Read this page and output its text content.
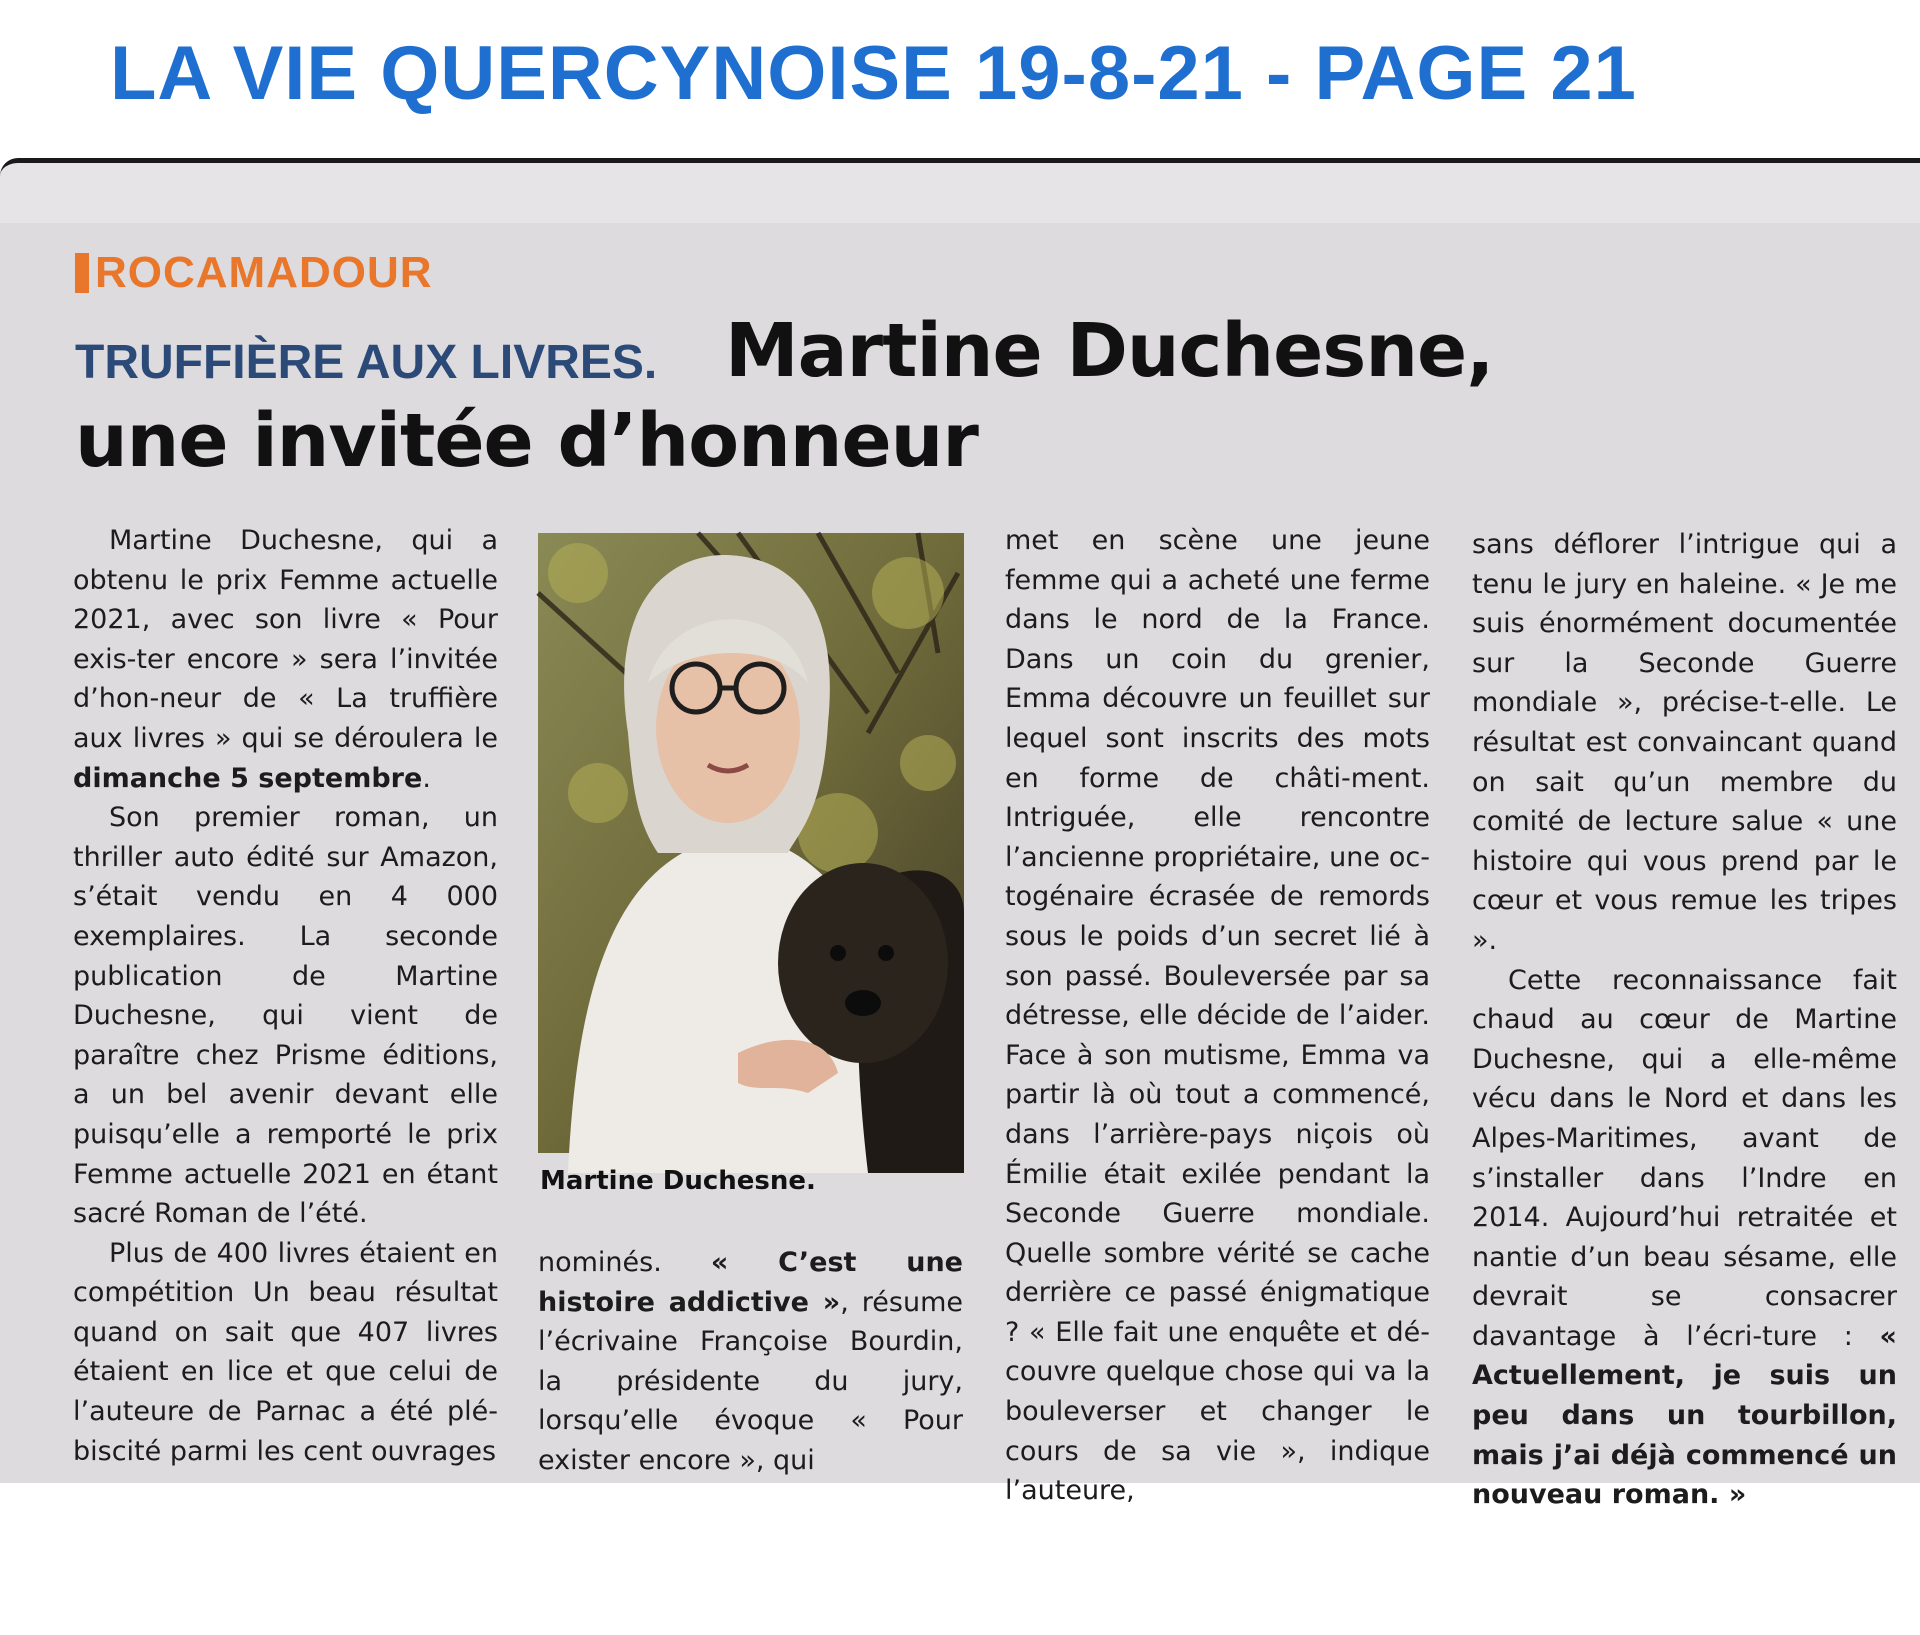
LA VIE QUERCYNOISE 19-8-21 - PAGE 21
ROCAMADOUR
TRUFFIÈRE AUX LIVRES. Martine Duchesne,
une invitée d’honneur

Martine Duchesne, qui a obtenu le prix Femme actuelle 2021, avec son livre « Pour exis-ter encore » sera l’invitée d’hon-neur de « La truffière aux livres » qui se déroulera le dimanche 5 septembre.

Son premier roman, un thriller auto édité sur Amazon, s’était vendu en 4 000 exemplaires. La seconde publication de Martine Duchesne, qui vient de paraître chez Prisme éditions, a un bel avenir devant elle puisqu’elle a remporté le prix Femme actuelle 2021 en étant sacré Roman de l’été.

Plus de 400 livres étaient en compétition Un beau résultat quand on sait que 407 livres étaient en lice et que celui de l’auteure de Parnac a été plé-biscité parmi les cent ouvrages

Martine Duchesne.

nominés. « C’est une histoire addictive », résume l’écrivaine Françoise Bourdin, la présidente du jury, lorsqu’elle évoque « Pour exister encore », qui

met en scène une jeune femme qui a acheté une ferme dans le nord de la France. Dans un coin du grenier, Emma découvre un feuillet sur lequel sont inscrits des mots en forme de châti-ment. Intriguée, elle rencontre l’ancienne propriétaire, une oc-togénaire écrasée de remords sous le poids d’un secret lié à son passé. Bouleversée par sa détresse, elle décide de l’aider. Face à son mutisme, Emma va partir là où tout a commencé, dans l’arrière-pays niçois où Émilie était exilée pendant la Seconde Guerre mondiale. Quelle sombre vérité se cache derrière ce passé énigmatique ? « Elle fait une enquête et dé-couvre quelque chose qui va la bouleverser et changer le cours de sa vie », indique l’auteure,

sans déflorer l’intrigue qui a tenu le jury en haleine. « Je me suis énormément documentée sur la Seconde Guerre mondiale », précise-t-elle. Le résultat est convaincant quand on sait qu’un membre du comité de lecture salue « une histoire qui vous prend par le cœur et vous remue les tripes ».

Cette reconnaissance fait chaud au cœur de Martine Duchesne, qui a elle-même vécu dans le Nord et dans les Alpes-Maritimes, avant de s’installer dans l’Indre en 2014. Aujourd’hui retraitée et nantie d’un beau sésame, elle devrait se consacrer davantage à l’écri-ture : « Actuellement, je suis un peu dans un tourbillon, mais j’ai déjà commencé un nouveau roman. »
